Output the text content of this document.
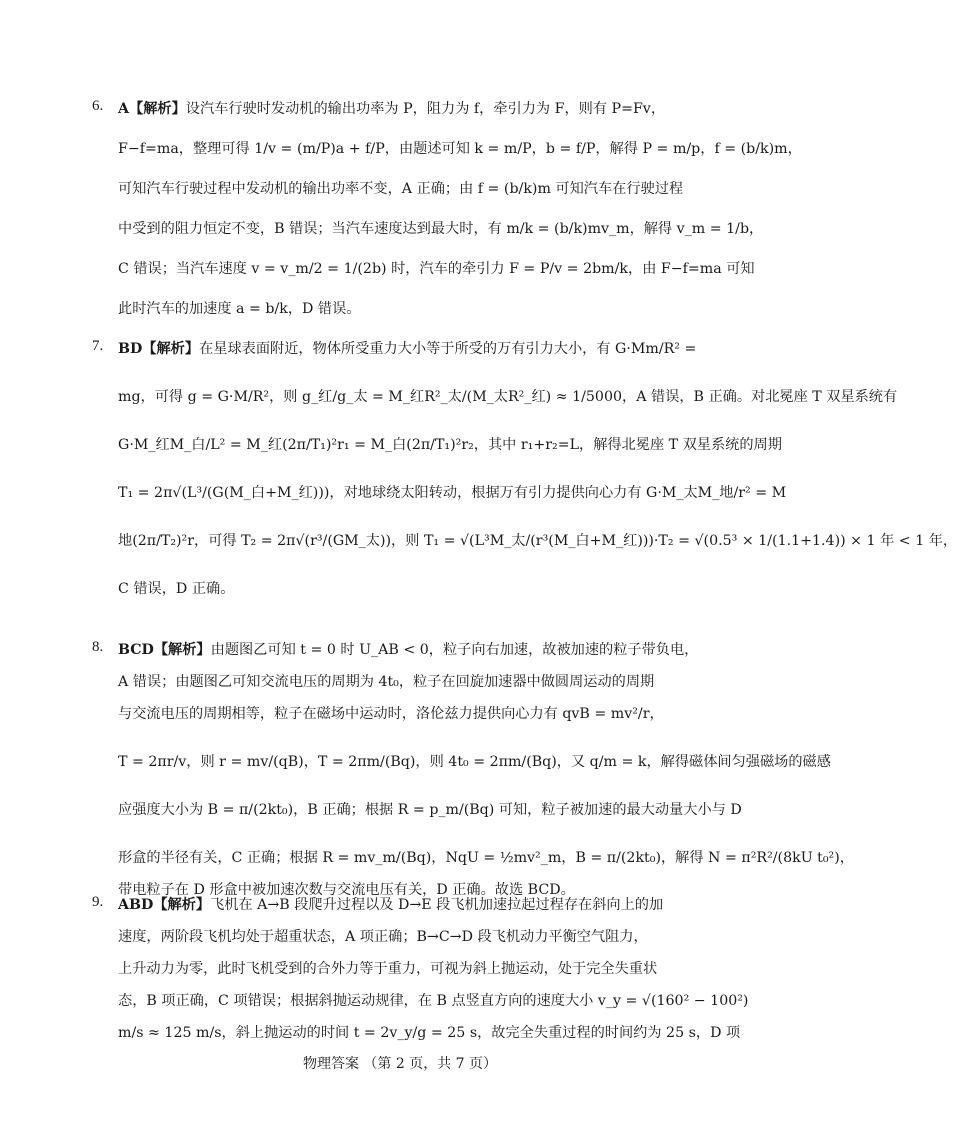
6. A【解析】设汽车行驶时发动机的输出功率为 P，阻力为 f，牵引力为 F，则有 P=Fv，
F−f=ma，整理可得 1/v = (m/P)a + f/P，由题述可知 k = m/P，b = f/P，解得 P = m/p，f = (b/k)m，
可知汽车行驶过程中发动机的输出功率不变，A 正确；由 f = (b/k)m 可知汽车在行驶过程
中受到的阻力恒定不变，B 错误；当汽车速度达到最大时，有 m/k = (b/k)mv_m，解得 v_m = 1/b，
C 错误；当汽车速度 v = v_m/2 = 1/(2b) 时，汽车的牵引力 F = P/v = 2bm/k，由 F−f=ma 可知
此时汽车的加速度 a = b/k，D 错误。
7. BD【解析】在星球表面附近，物体所受重力大小等于所受的万有引力大小，有 G·Mm/R² =
mg，可得 g = G·M/R²，则 g_红/g_太 = M_红R²_太/(M_太R²_红) ≈ 1/5000，A 错误，B 正确。对北冕座 T 双星系统有
G·M_红M_白/L² = M_红(2π/T₁)²r₁ = M_白(2π/T₁)²r₂，其中 r₁+r₂=L，解得北冕座 T 双星系统的周期
T₁ = 2π√(L³/(G(M_白+M_红)))，对地球绕太阳转动，根据万有引力提供向心力有 G·M_太M_地/r² = M
地(2π/T₂)²r，可得 T₂ = 2π√(r³/(GM_太))，则 T₁ = √(L³M_太/(r³(M_白+M_红)))·T₂ = √(0.5³ × 1/(1.1+1.4)) × 1 年 < 1 年，
C 错误，D 正确。
8. BCD【解析】由题图乙可知 t = 0 时 U_AB < 0，粒子向右加速，故被加速的粒子带负电，
A 错误；由题图乙可知交流电压的周期为 4t₀，粒子在回旋加速器中做圆周运动的周期
与交流电压的周期相等，粒子在磁场中运动时，洛伦兹力提供向心力有 qvB = mv²/r，
T = 2πr/v，则 r = mv/(qB)，T = 2πm/(Bq)，则 4t₀ = 2πm/(Bq)，又 q/m = k，解得磁体间匀强磁场的磁感
应强度大小为 B = π/(2kt₀)，B 正确；根据 R = p_m/(Bq) 可知，粒子被加速的最大动量大小与 D
形盒的半径有关，C 正确；根据 R = mv_m/(Bq)，NqU = ½mv²_m，B = π/(2kt₀)，解得 N = π²R²/(8kU t₀²)，
带电粒子在 D 形盒中被加速次数与交流电压有关，D 正确。故选 BCD。
9. ABD【解析】飞机在 A→B 段爬升过程以及 D→E 段飞机加速拉起过程存在斜向上的加
速度，两阶段飞机均处于超重状态，A 项正确；B→C→D 段飞机动力平衡空气阻力，
上升动力为零，此时飞机受到的合外力等于重力，可视为斜上抛运动，处于完全失重状
态，B 项正确，C 项错误；根据斜抛运动规律，在 B 点竖直方向的速度大小 v_y = √(160² − 100²)
m/s ≈ 125 m/s，斜上抛运动的时间 t = 2v_y/g = 25 s，故完全失重过程的时间约为 25 s，D 项
物理答案 （第 2 页，共 7 页）
